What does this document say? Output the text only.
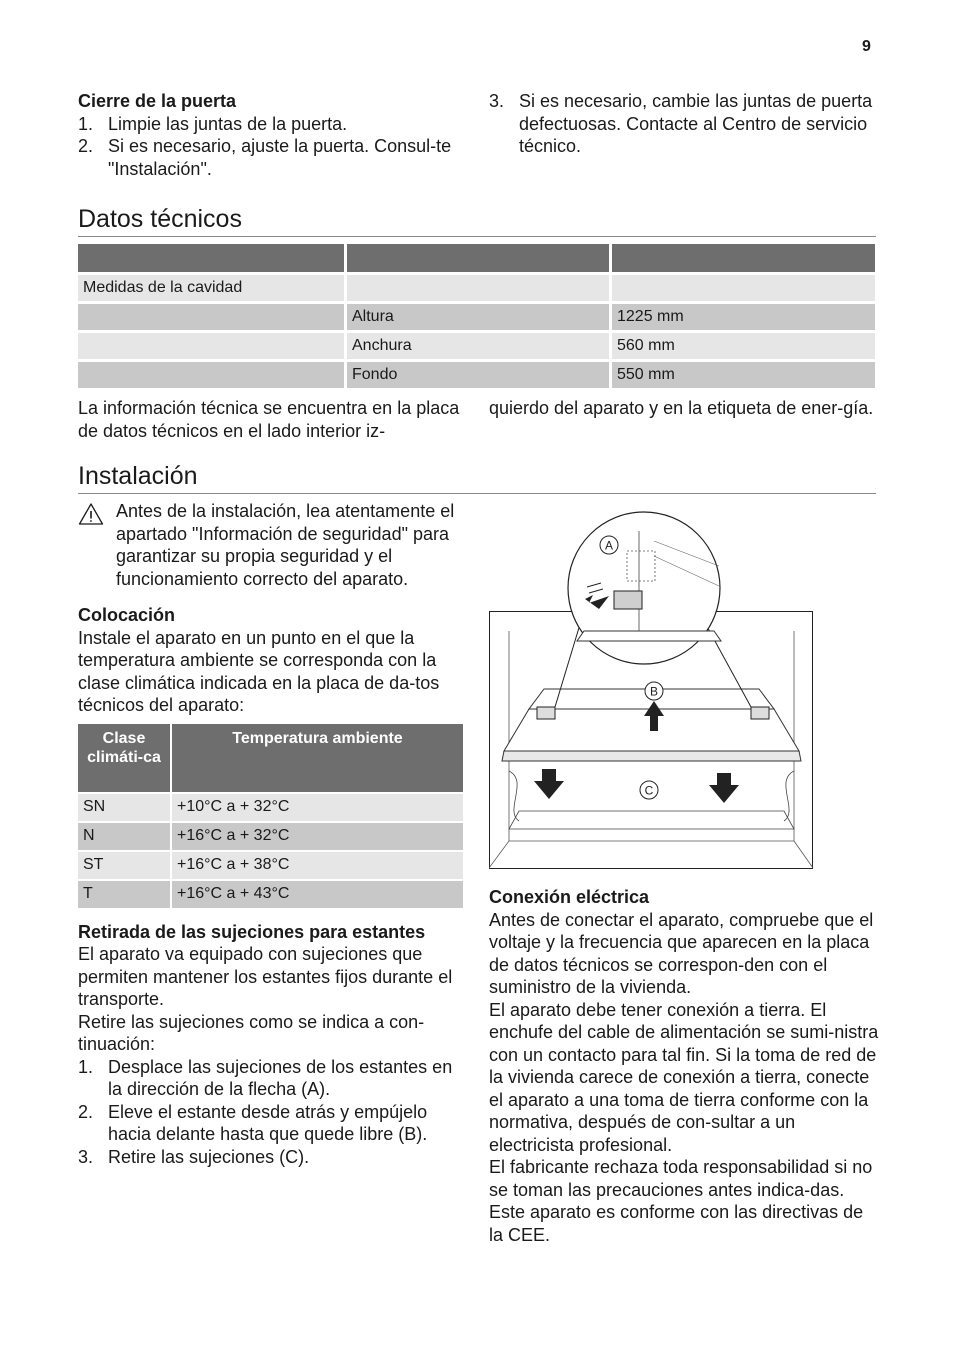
9
Cierre de la puerta
1. Limpie las juntas de la puerta.
2. Si es necesario, ajuste la puerta. Consul-te "Instalación".
3. Si es necesario, cambie las juntas de puerta defectuosas. Contacte al Centro de servicio técnico.
Datos técnicos

Medidas de la cavidad		
	Altura	1225 mm
	Anchura	560 mm
	Fondo	550 mm

La información técnica se encuentra en la placa de datos técnicos en el lado interior iz-

quierdo del aparato y en la etiqueta de ener-gía.

Instalación

Antes de la instalación, lea atentamente el apartado "Información de seguridad" para garantizar su propia seguridad y el funcionamiento correcto del aparato.

Colocación

Instale el aparato en un punto en el que la temperatura ambiente se corresponda con la clase climática indicada en la placa de da-tos técnicos del aparato:

Clase climáti-ca	Temperatura ambiente
SN	+10°C a + 32°C
N	+16°C a + 32°C
ST	+16°C a + 38°C
T	+16°C a + 43°C
Retirada de las sujeciones para estantes

El aparato va equipado con sujeciones que permiten mantener los estantes fijos durante el transporte.

Retire las sujeciones como se indica a con-tinuación:

1. Desplace las sujeciones de los estantes en la dirección de la flecha (A).
2. Eleve el estante desde atrás y empújelo hacia delante hasta que quede libre (B).
3. Retire las sujeciones (C).
A
B
C
Conexión eléctrica

Antes de conectar el aparato, compruebe que el voltaje y la frecuencia que aparecen en la placa de datos técnicos se correspon-den con el suministro de la vivienda.

El aparato debe tener conexión a tierra. El enchufe del cable de alimentación se sumi-nistra con un contacto para tal fin. Si la toma de red de la vivienda carece de conexión a tierra, conecte el aparato a una toma de tierra conforme con la normativa, después de con-sultar a un electricista profesional.

El fabricante rechaza toda responsabilidad si no se toman las precauciones antes indica-das.

Este aparato es conforme con las directivas de la CEE.
